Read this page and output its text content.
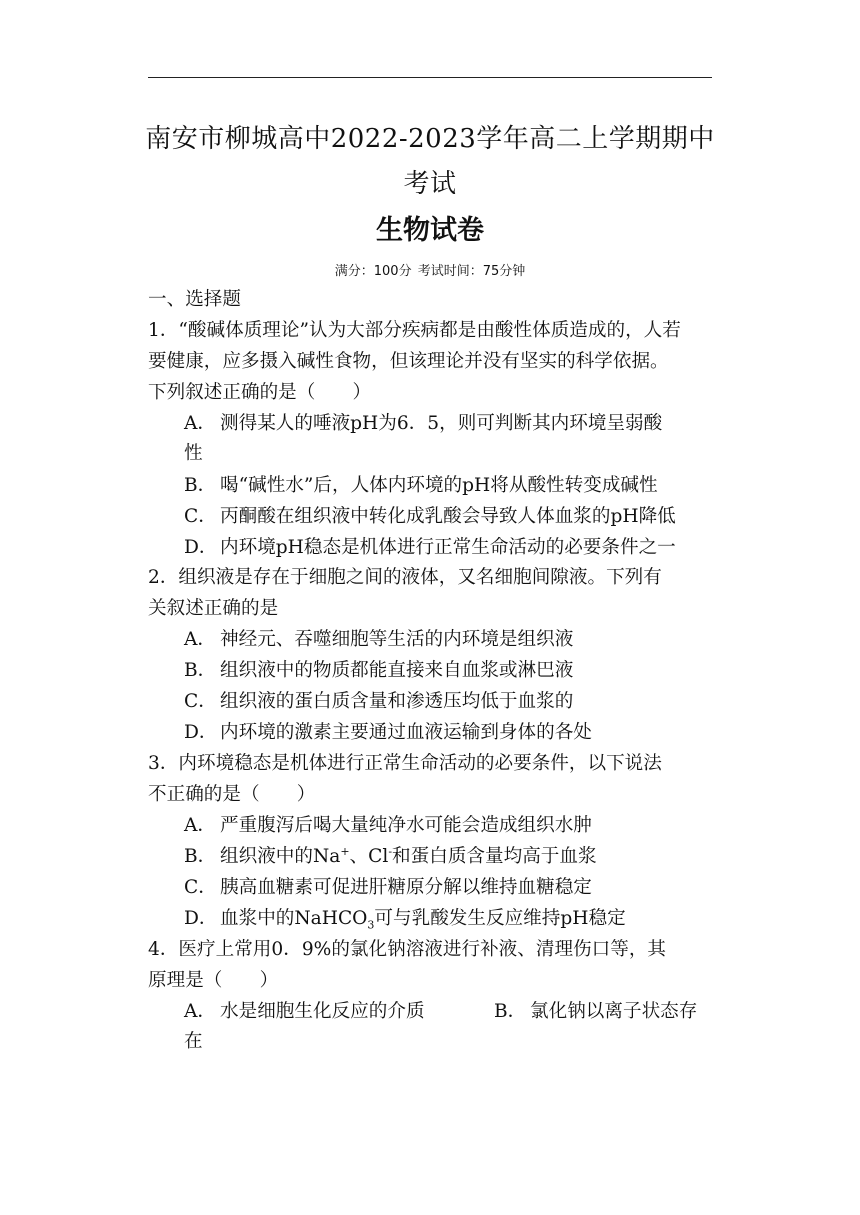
南安市柳城高中2022-2023学年高二上学期期中
考试
生物试卷
满分：100分 考试时间：75分钟
一、选择题
1．“酸碱体质理论”认为大部分疾病都是由酸性体质造成的，人若
要健康，应多摄入碱性食物，但该理论并没有坚实的科学依据。
下列叙述正确的是（　　）
A． 测得某人的唾液pH为6．5，则可判断其内环境呈弱酸
性
B． 喝“碱性水”后，人体内环境的pH将从酸性转变成碱性
C． 丙酮酸在组织液中转化成乳酸会导致人体血浆的pH降低
D． 内环境pH稳态是机体进行正常生命活动的必要条件之一
2．组织液是存在于细胞之间的液体，又名细胞间隙液。下列有
关叙述正确的是
A． 神经元、吞噬细胞等生活的内环境是组织液
B． 组织液中的物质都能直接来自血浆或淋巴液
C． 组织液的蛋白质含量和渗透压均低于血浆的
D． 内环境的激素主要通过血液运输到身体的各处
3．内环境稳态是机体进行正常生命活动的必要条件，以下说法
不正确的是（　　）
A． 严重腹泻后喝大量纯净水可能会造成组织水肿
B． 组织液中的Na+、Cl-和蛋白质含量均高于血浆
C． 胰高血糖素可促进肝糖原分解以维持血糖稳定
D． 血浆中的NaHCO$_3$可与乳酸发生反应维持pH稳定
4．医疗上常用0．9%的氯化钠溶液进行补液、清理伤口等，其
原理是（　　）
A． 水是细胞生化反应的介质	B． 氯化钠以离子状态存
在
